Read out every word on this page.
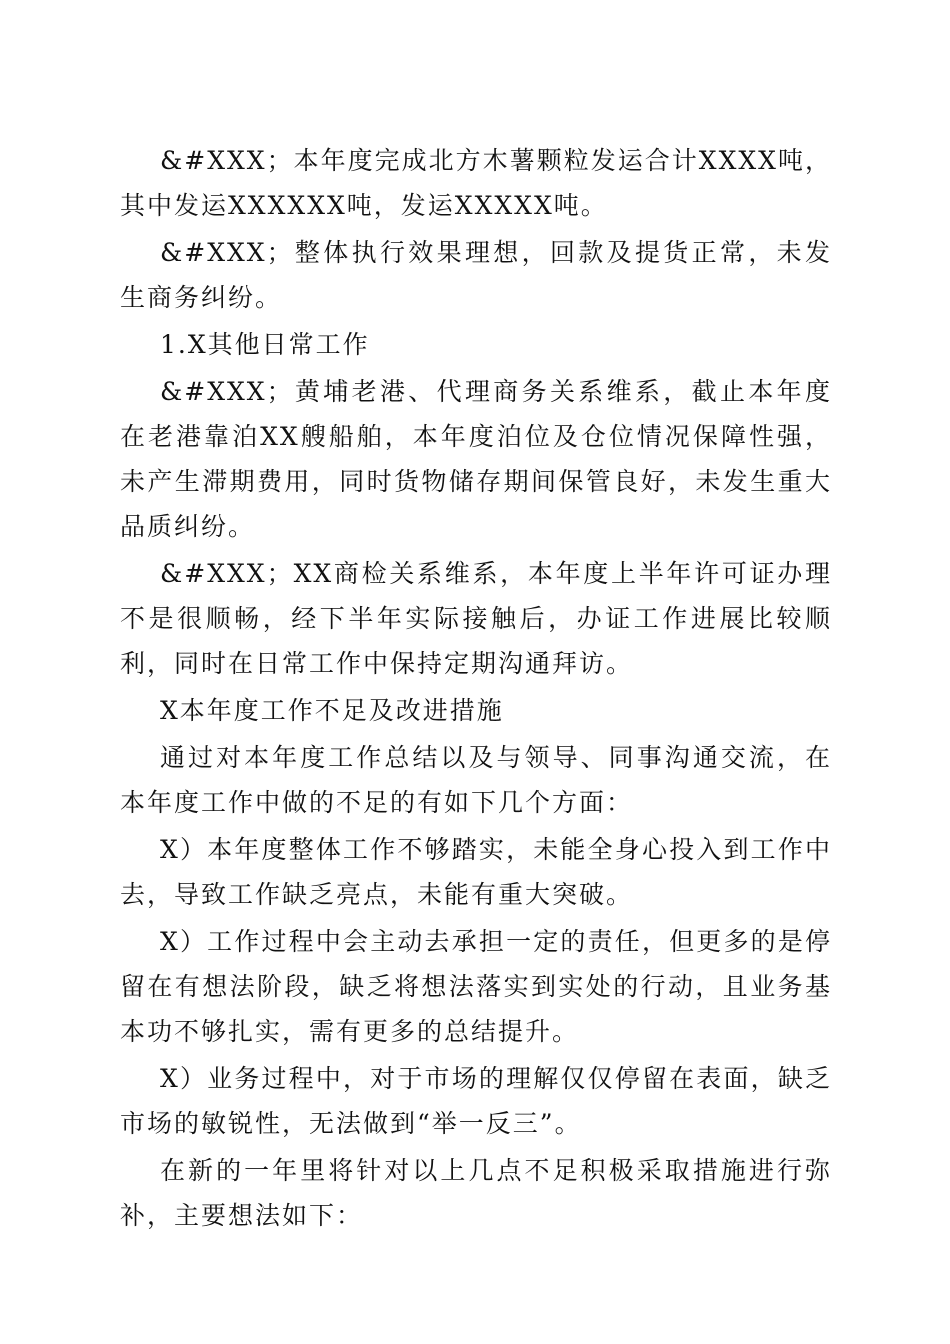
&#XXX；本年度完成北方木薯颗粒发运合计XXXX吨，其中发运XXXXXX吨，发运XXXXX吨。

&#XXX；整体执行效果理想，回款及提货正常，未发生商务纠纷。

1.X其他日常工作

&#XXX；黄埔老港、代理商务关系维系，截止本年度在老港靠泊XX艘船舶，本年度泊位及仓位情况保障性强，未产生滞期费用，同时货物储存期间保管良好，未发生重大品质纠纷。

&#XXX；XX商检关系维系，本年度上半年许可证办理不是很顺畅，经下半年实际接触后，办证工作进展比较顺利，同时在日常工作中保持定期沟通拜访。

X本年度工作不足及改进措施

通过对本年度工作总结以及与领导、同事沟通交流，在本年度工作中做的不足的有如下几个方面：

X）本年度整体工作不够踏实，未能全身心投入到工作中去，导致工作缺乏亮点，未能有重大突破。

X）工作过程中会主动去承担一定的责任，但更多的是停留在有想法阶段，缺乏将想法落实到实处的行动，且业务基本功不够扎实，需有更多的总结提升。

X）业务过程中，对于市场的理解仅仅停留在表面，缺乏市场的敏锐性，无法做到“举一反三”。

在新的一年里将针对以上几点不足积极采取措施进行弥补，主要想法如下：
